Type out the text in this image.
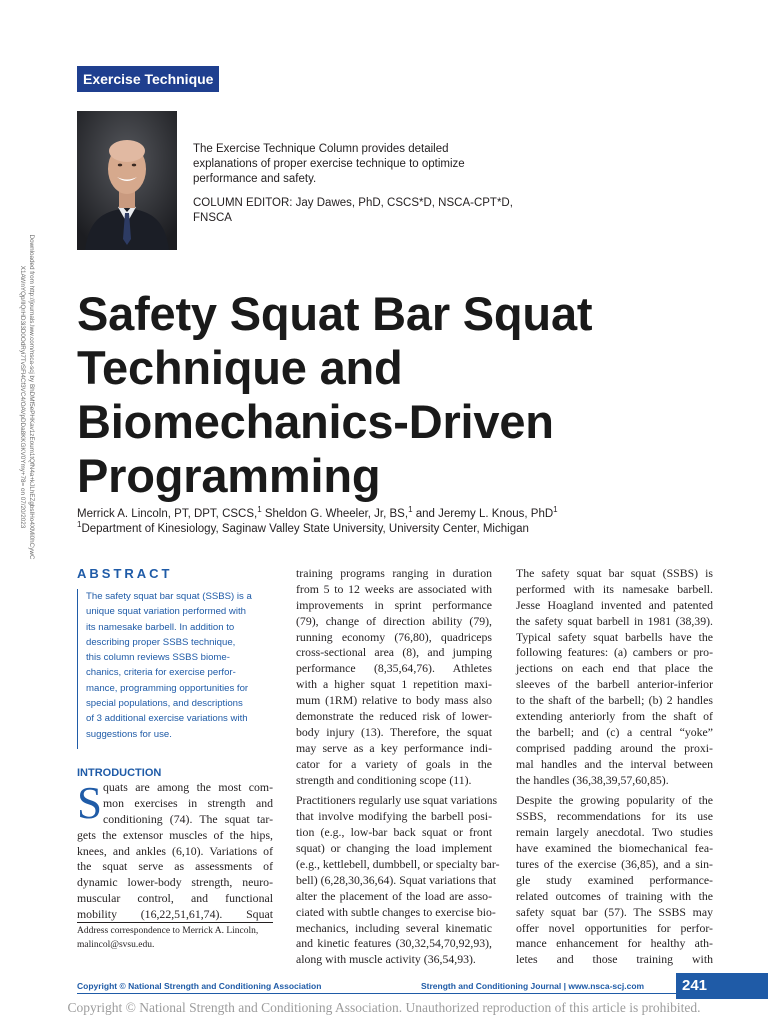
Exercise Technique
Downloaded from http://journals.lww.com/nsca-scj by BhDMf5ePHKav1zEoum1tQfN4a+kJLhEZgbsIHo4XMi0hCywC
X1AWnYQp/IlQrHD3i3D0OdRyi7TvSFl4Cf3VC4/OAVpDDa8KKGKV0Ymy+78= on 07/20/2023

The Exercise Technique Column provides detailed explanations of proper exercise technique to optimize performance and safety.

COLUMN EDITOR: Jay Dawes, PhD, CSCS*D, NSCA-CPT*D, FNSCA

Safety Squat Bar Squat
Technique and
Biomechanics-Driven
Programming
Merrick A. Lincoln, PT, DPT, CSCS,$^1$ Sheldon G. Wheeler, Jr, BS,$^1$ and Jeremy L. Knous, PhD$^1$
$^1$Department of Kinesiology, Saginaw Valley State University, University Center, Michigan
ABSTRACT
The safety squat bar squat (SSBS) is a
unique squat variation performed with
its namesake barbell. In addition to
describing proper SSBS technique,
this column reviews SSBS biome-
chanics, criteria for exercise perfor-
mance, programming opportunities for
special populations, and descriptions
of 3 additional exercise variations with
suggestions for use.
INTRODUCTION
S quats are among the most com-
mon exercises in strength and
conditioning (74). The squat tar-
gets the extensor muscles of the hips,
knees, and ankles (6,10). Variations of
the squat serve as assessments of
dynamic lower-body strength, neuro-
muscular control, and functional
mobility (16,22,51,61,74). Squat
Address correspondence to Merrick A. Lincoln, malincol@svsu.edu.
training programs ranging in duration
from 5 to 12 weeks are associated with
improvements in sprint performance
(79), change of direction ability (79),
running economy (76,80), quadriceps
cross-sectional area (8), and jumping
performance (8,35,64,76). Athletes
with a higher squat 1 repetition maxi-
mum (1RM) relative to body mass also
demonstrate the reduced risk of lower-
body injury (13). Therefore, the squat
may serve as a key performance indi-
cator for a variety of goals in the
strength and conditioning scope (11).
Practitioners regularly use squat variations
that involve modifying the barbell posi-
tion (e.g., low-bar back squat or front
squat) or changing the load implement
(e.g., kettlebell, dumbbell, or specialty bar-
bell) (6,28,30,36,64). Squat variations that
alter the placement of the load are asso-
ciated with subtle changes to exercise bio-
mechanics, including several kinematic
and kinetic features (30,32,54,70,92,93),
along with muscle activity (36,54,93).
The safety squat bar squat (SSBS) is
performed with its namesake barbell.
Jesse Hoagland invented and patented
the safety squat barbell in 1981 (38,39).
Typical safety squat barbells have the
following features: (a) cambers or pro-
jections on each end that place the
sleeves of the barbell anterior-inferior
to the shaft of the barbell; (b) 2 handles
extending anteriorly from the shaft of
the barbell; and (c) a central “yoke”
comprised padding around the proxi-
mal handles and the interval between
the handles (36,38,39,57,60,85).
Despite the growing popularity of the
SSBS, recommendations for its use
remain largely anecdotal. Two studies
have examined the biomechanical fea-
tures of the exercise (36,85), and a sin-
gle study examined performance-
related outcomes of training with the
safety squat bar (57). The SSBS may
offer novel opportunities for perfor-
mance enhancement for healthy ath-
letes and those training with
Copyright © National Strength and Conditioning Association	Strength and Conditioning Journal | www.nsca-scj.com	241
Copyright © National Strength and Conditioning Association. Unauthorized reproduction of this article is prohibited.
